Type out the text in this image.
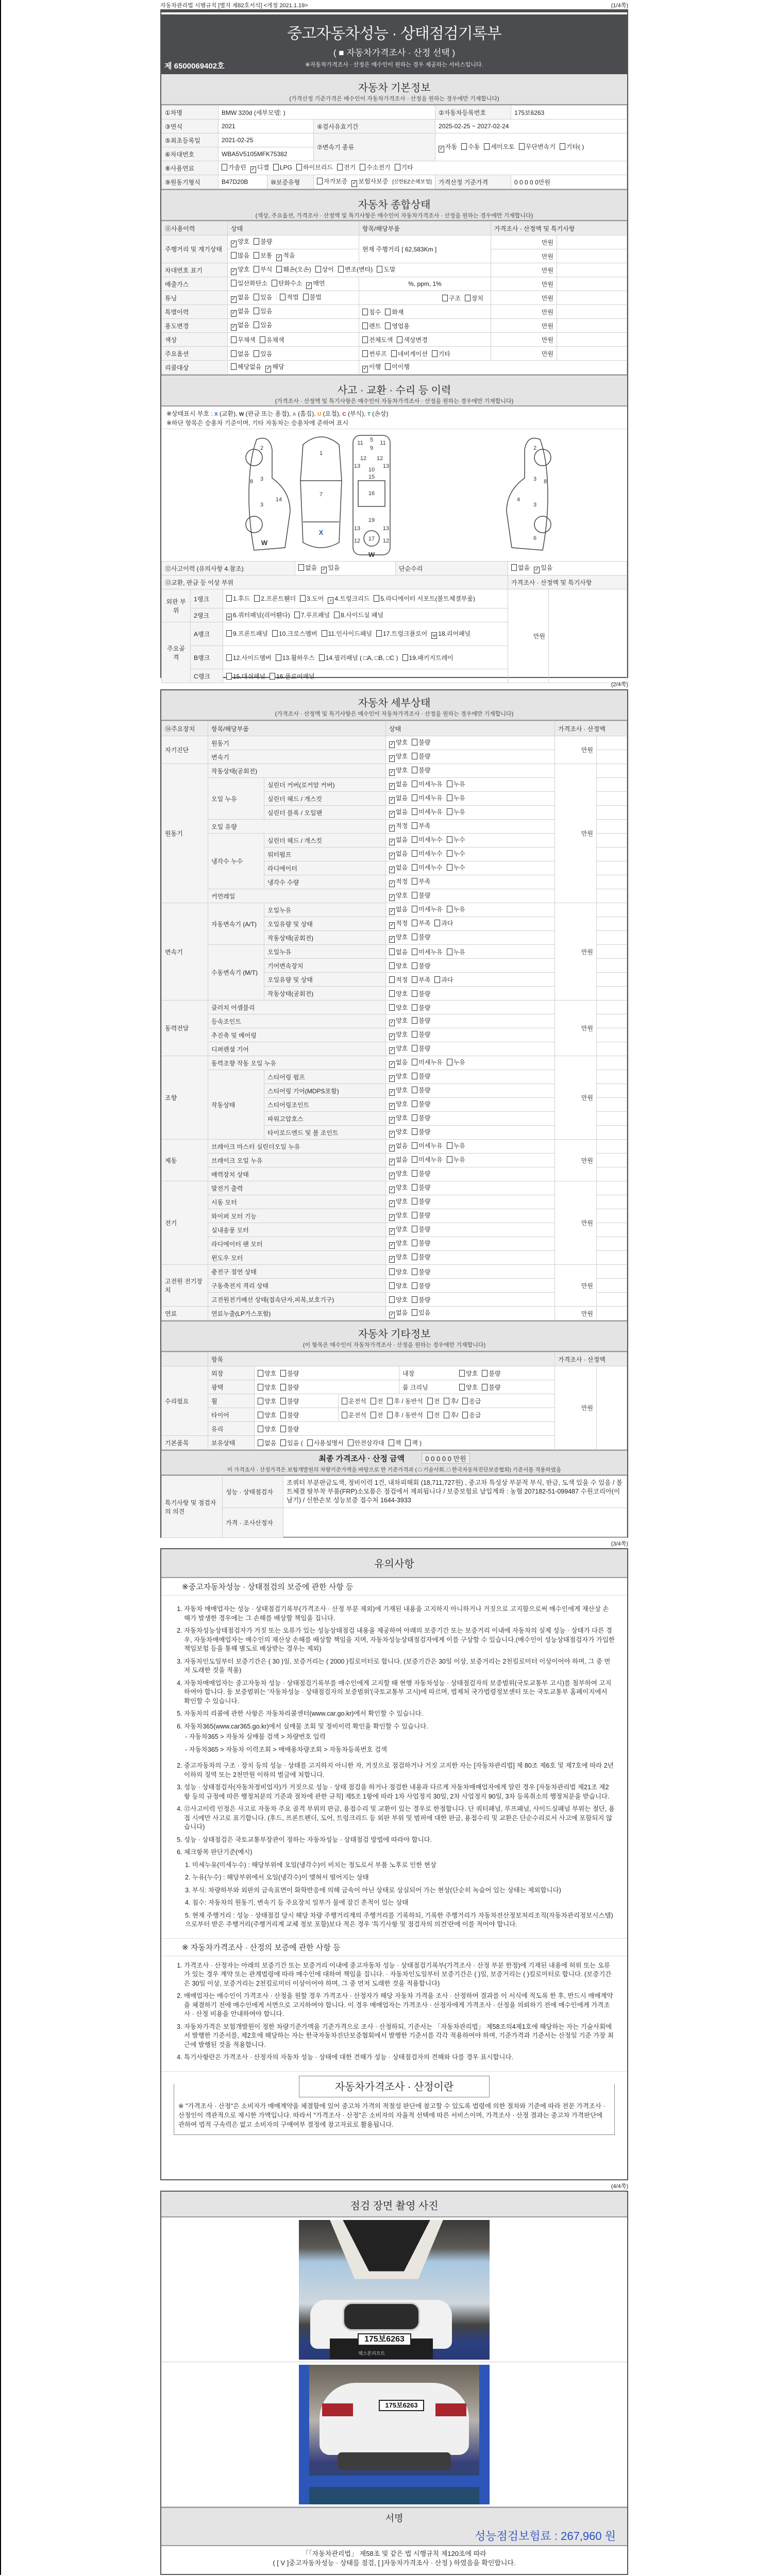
자동차관리법 시행규칙 [별지 제82호서식] <개정 2021.1.19>	(1/4쪽)
중고자동차성능 · 상태점검기록부
( ■ 자동차가격조사 · 산정 선택 )
※자동차가격조사 · 산정은 매수인이 원하는 경우 제공하는 서비스입니다.
제 6500069402호
자동차 기본정보
(가격산정 기준가격은 매수인이 자동차가격조사 · 산정을 원하는 경우에만 기재합니다)
①차명	BMW 320d (세부모델: )			②자동차등록번호	175보6263
③연식	2021		④검사유효기간	2025-02-25 ~ 2027-02-24	
⑤최초등록일	2021-02-25		⑦변속기 종류	✓ 자동 수동 세미오토 무단변속기 기타( )	
⑥차대번호	WBA5V5105MFK75382				
⑧사용연료	가솔린 ✓ 디젤 LPG 하이브리드 전기 수소전기 기타				
⑨원동기형식	B47D20B	⑩보증유형	자가보증 ✓ 보험사보증 [신한EZ손해보험]	가격산정 기준가격	0 0 0 0 0만원
자동차 종합상태
(색상, 주요옵션, 가격조사 · 산정액 및 특기사항은 매수인이 자동차가격조사 · 산정을 원하는 경우에만 기재합니다)
⑪사용이력	상태	항목/해당부품	가격조사 · 산정액 및 특기사항	
주행거리 및 계기상태	✓ 양호 불량	현재 주행거리 [ 62,583Km ]	만원	
	많음 보통 ✓ 적음		만원	
차대번호 표기	✓ 양호 부식 훼손(오손) 상이 변조(변타) 도말		만원	
배출가스	일산화탄소 탄화수소 ✓ 매연	%, ppm, 1%	만원	
튜닝	✓ 없음 있음 적법 불법	구조 장치	만원	
특별이력	✓ 없음 있음	침수 화재	만원	
용도변경	✓ 없음 있음	렌트 영업용	만원	
색상	무채색 유채색	전체도색 색상변경	만원	
주요옵션	없음 있음	썬루프 네비게이션 기타	만원	
리콜대상	해당없음 ✓ 해당	✓ 이행 미이행		
사고 · 교환 · 수리 등 이력
(가격조사 · 산정액 및 특기사항은 매수인이 자동차가격조사 · 산정을 원하는 경우에만 기재합니다)
※상태표시 부호 : X (교환), W (판금 또는 용접), A (흠집), U (요철), C (부식), T (손상)
※하단 항목은 승용차 기준이며, 기타 자동차는 승용차에 준하여 표시
2
8 3
14
3
1
7
5
9
11	11
12 12
13	13
10
15
16
13	13
19
12	12
17
2
3 8
4
3
6
W
X
W
⑫사고이력 (유의사항 4.참조)			없음 ✓ 있음	단순수리	없음 ✓ 있음	
⑬교환, 판금 등 이상 부위					가격조사 · 산정액 및 특기사항	
외판 부위	1랭크	1.후드 2.프론트휀더 3.도어 x 4.트렁크리드 5.라디에이터 서포트(볼트체결부품)			만원	
	2랭크	w 6.쿼터패널(리어휀다) 7.루프패널 8.사이드실 패널				
주요골격	A랭크	9.프론트패널 10.크로스멤버 11.인사이드패널 17.트렁크플로어 w 18.리어패널				
	B랭크	12.사이드멤버 13.휠하우스 14.필러패널 ( □A, □B, □C ) 19.패키지트레이				
	C랭크	15.대쉬패널 16.플로어패널				
(2/4쪽)
자동차 세부상태
(가격조사 · 산정액 및 특기사항은 매수인이 자동차가격조사 · 산정을 원하는 경우에만 기재합니다)
⑭주요장치	항목/해당부품		상태	가격조사 · 산정액	
자기진단	원동기		✓ 양호 불량	만원	
	변속기		✓ 양호 불량		
원동기	작동상태(공회전)		✓ 양호 불량	만원	
	오일 누유	실린더 커버(로커암 커버)	✓ 없음 미세누유 누유		
		실린더 헤드 / 개스킷	✓ 없음 미세누유 누유		
		실린더 블록 / 오일팬	✓ 없음 미세누유 누유		
	오일 유량		✓ 적정 부족		
	냉각수 누수	실린더 헤드 / 개스킷	✓ 없음 미세누수 누수		
		워터펌프	✓ 없음 미세누수 누수		
		라디에이터	✓ 없음 미세누수 누수		
		냉각수 수량	✓ 적정 부족		
	커먼레일		✓ 양호 불량		
변속기	자동변속기 (A/T)	오일누유	✓ 없음 미세누유 누유	만원	
		오일유량 및 상태	✓ 적정 부족 과다		
		작동상태(공회전)	✓ 양호 불량		
	수동변속기 (M/T)	오일누유	없음 미세누유 누유		
		기어변속장치	양호 불량		
		오일유량 및 상태	적정 부족 과다		
		작동상태(공회전)	양호 불량		
동력전달	클러치 어셈블리		양호 불량	만원	
	등속조인트		✓ 양호 불량		
	추진축 및 베어링		✓ 양호 불량		
	디퍼렌셜 기어		✓ 양호 불량		
조향	동력조향 작동 오일 누유		✓ 없음 미세누유 누유	만원	
	작동상태	스티어링 펌프	✓ 양호 불량		
		스티어링 기어(MDPS포함)	✓ 양호 불량		
		스티어링조인트	✓ 양호 불량		
		파워고압호스	✓ 양호 불량		
		타이로드엔드 및 볼 조인트	✓ 양호 불량		
제동	브레이크 마스터 실린더오일 누유		✓ 없음 미세누유 누유	만원	
	브레이크 오일 누유		✓ 없음 미세누유 누유		
	배력장치 상태		✓ 양호 불량		
전기	발전기 출력		✓ 양호 불량	만원	
	시동 모터		✓ 양호 불량		
	와이퍼 모터 기능		✓ 양호 불량		
	실내송풍 모터		✓ 양호 불량		
	라디에이터 팬 모터		✓ 양호 불량		
	윈도우 모터		✓ 양호 불량		
고전원 전기장치	충전구 절연 상태		양호 불량	만원	
	구동축전지 격리 상태		양호 불량		
	고전원전기배선 상태(접속단자,피복,보호기구)		양호 불량		
연료	연료누출(LP가스포함)		✓ 없음 있음	만원	
자동차 기타정보
(이 항목은 매수인이 자동차가격조사 · 산정을 원하는 경우에만 기재합니다)
	항목				가격조사 · 산정액	
수리필요	외장	양호 불량		내장 양호 불량	만원	
	광택	양호 불량		룸 크리닝 양호 불량		
	휠	양호 불량	운전석 전 후 / 동반석 전 후/ 응급			
	타이어	양호 불량	운전석 전 후 / 동반석 전 후/ 응급			
	유리	양호 불량				
기본품목	보유상태	없음 있음 ( 사용설명서 안전삼각대 잭 잭 )				
최종 가격조사 · 산정 금액	0 0 0 0 0 만원
이 가격조사 · 산정가격은 보험개발원의 차량기준가액을 바탕으로 한 기준가격과 ( □ 기술사회, □ 한국자동차진단보증협회) 기준서를 적용하였음
특기사항 및 점검자의 의견	성능 · 상태점검자	조쿼터 부분판금도색, 정비이력 1건, 내차피해회 (18,711,727원) , 중고차 특성상 부분적 부식, 판금, 도색 있을 수 있음 / 볼트체결 탈부착 부품(FRP)소모품은 점검에서 제외됩니다 / 보증보험료 납입계좌 : 농협 207182-51-099487 수원코리아(이남기) / 신한손보 성능보증 접수처 1644-3933
	가격 · 조사산정자	
(3/4쪽)
유의사항
※중고자동차성능 · 상태점검의 보증에 관한 사항 등
1. 자동차 매매업자는 성능 · 상태점검기록부(가격조사 · 산정 부분 제외)에 기재된 내용을 고지하지 아니하거나 거짓으로 고지함으로써 매수인에게 재산상 손해가 발생한 경우에는 그 손해를 배상할 책임을 집니다.
2. 자동차성능상태점검자가 거짓 또는 오류가 있는 성능상태점검 내용을 제공하여 아래의 보증기간 또는 보증거리 이내에 자동차의 실제 성능 · 상태가 다른 경우, 자동차매매업자는 매수인의 재산상 손해를 배상할 책임을 지며, 자동차성능상태점검자에게 이를 구상할 수 있습니다.(매수인이 성능상태점검자가 가입한 책임보험 등을 통해 별도로 배상받는 경우는 제외)
3. 자동차인도일부터 보증기간은 ( 30 )일, 보증거리는 ( 2000 )킬로미터로 합니다. (보증기간은 30일 이상, 보증거리는 2천킬로미터 이상이어야 하며, 그 중 먼저 도래한 것을 적용)
4. 자동차매매업자는 중고자동차 성능 · 상태점검기록부를 매수인에게 고지할 때 현행 자동차성능 · 상태점검자의 보증범위(국토교통부 고시)를 첨부하여 고지하여야 합니다. 동 보증범위는 '자동차성능 · 상태점검자의 보증범위'(국토교통부 고시)에 따르며, 법제처 국가법령정보센터 또는 국토교통부 홈페이지에서 확인할 수 있습니다.
5. 자동차의 리콜에 관한 사항은 자동차리콜센터(www.car.go.kr)에서 확인할 수 있습니다.
6. 자동차365(www.car365.go.kr)에서 실매물 조회 및 정비이력 확인을 확인할 수 있습니다.
- 자동차365 > 자동차 실매물 검색 > 차량번호 입력
- 자동차365 > 자동차 이력조회 > 매매용차량조회 > 자동차등록번호 검색
2. 중고자동차의 구조 · 장치 등의 성능 · 상태를 고지하지 아니한 자, 거짓으로 점검하거나 거짓 고지한 자는 [자동차관리법] 제 80조 제6호 및 제7호에 따라 2년 이하의 징역 또는 2천만원 이하의 벌금에 처합니다.
3. 성능 · 상태점검자(자동차정비업자)가 거짓으로 성능 · 상태 점검을 하거나 점검한 내용과 다르게 자동차매매업자에게 알린 경우 [자동차관리법 제21조 제2항 등의 규정에 따른 행정처분의 기준과 절차에 관한 규칙] 제5조 1항에 따라 1차 사업정지 30일, 2차 사업정지 90일, 3차 등록취소의 행정처분을 받습니다.
4. ⑫사고이력 인정은 사고로 자동차 주요 골격 부위의 판금, 용접수리 및 교환이 있는 경우로 한정합니다. 단 쿼터패널, 루프패널, 사이드실패널 부위는 절단, 용접 시에만 사고로 표기합니다. (후드, 프론트펜더, 도어, 트렁크리드 등 외판 부위 및 범퍼에 대한 판금, 용접수리 및 교환은 단순수리로서 사고에 포함되지 않습니다)
5. 성능 · 상태점검은 국토교통부장관이 정하는 자동차성능 · 상태점검 방법에 따라야 합니다.
6. 체크항목 판단기준(예시)
1. 미세누유(미세누수) : 해당부위에 오일(냉각수)이 비치는 정도로서 부품 노후로 인한 현상
2. 누유(누수) : 해당부위에서 오일(냉각수)이 맺혀서 떨어지는 상태
3. 부식: 차량하부와 외판의 금속표면이 화학반응에 의해 금속이 아닌 상태로 상실되어 가는 현상(단순히 녹슬어 있는 상태는 제외합니다)
4. 침수: 자동차의 원동기, 변속기 등 주요장치 일부가 물에 잠긴 흔적이 있는 상태
5. 현재 주행거리 : 성능 · 상태점검 당시 해당 차량 주행거리계의 주행거리를 기록하되, 기록한 주행거리가 자동차전산정보처리조직(자동차관리정보시스템)으로부터 받은 주행거리(주행거리계 교체 정보 포함)보다 적은 경우 '특기사항 및 점검자의 의견'란에 이를 적어야 합니다.
※ 자동차가격조사 · 산정의 보증에 관한 사항 등
1. 가격조사 · 산정자는 아래의 보증기간 또는 보증거리 이내에 중고자동차 성능 · 상태점검기록부(가격조사 · 산정 부분 한정)에 기재된 내용에 허위 또는 오류가 있는 경우 계약 또는 관계법령에 따라 매수인에 대하여 책임을 집니다. · 자동차인도일부터 보증기간은 ( )일, 보증거리는 ( )킬로미터로 합니다. (보증기간은 30일 이상, 보증거리는 2천킬로미터 이상이어야 하며, 그 중 먼저 도래한 것을 적용합니다)
2. 매매업자는 매수인이 가격조사 · 산정을 원할 경우 가격조사 · 산정자가 해당 자동차 가격을 조사 · 산정하여 결과를 이 서식에 적도록 한 후, 반드시 매매계약을 체결하기 전에 매수인에게 서면으로 고지하여야 합니다. 이 경우 매매업자는 가격조사 · 산정자에게 가격조사 · 산정을 의뢰하기 전에 매수인에게 가격조사 · 산정 비용을 안내하여야 합니다.
3. 자동차가격은 보험개발원이 정한 차량기준가액을 기준가격으로 조사 · 산정하되, 기준서는 「자동차관리법」 제58조의4제1호에 해당하는 자는 기술사회에서 발행한 기준서를, 제2호에 해당하는 자는 한국자동차진단보증협회에서 발행한 기준서를 각각 적용하여야 하며, 기준가격과 기준서는 산정일 기준 가장 최근에 발행된 것을 적용합니다.
4. 특기사항란은 가격조사 · 산정자의 자동차 성능 · 상태에 대한 견해가 성능 · 상태점검자의 견해와 다를 경우 표시합니다.
자동차가격조사 · 산정이란
※ "가격조사 · 산정"은 소비자가 매매계약을 체결함에 있어 중고차 가격의 적절성 판단에 참고할 수 있도록 법령에 의한 절차와 기준에 따라 전문 가격조사 · 산정인이 객관적으로 제시한 가액입니다. 따라서 "가격조사 · 산정"은 소비자의 자율적 선택에 따른 서비스이며, 가격조사 · 산정 결과는 중고차 가격판단에 관하여 법적 구속력은 없고 소비자의 구매여부 결정에 참고자료로 활용됩니다.
(4/4쪽)
점검 장면 촬영 사진
175보6263
헤스본리프트
175보6263
서명
성능점검보험료 : 267,960 원
「「자동차관리법」 제58조 및 같은 법 시행규칙 제120조에 따라
( [ V ]중고자동차성능 · 상태를 점검, [ ]자동차가격조사 · 산정 ) 하였음을 확인합니다.
